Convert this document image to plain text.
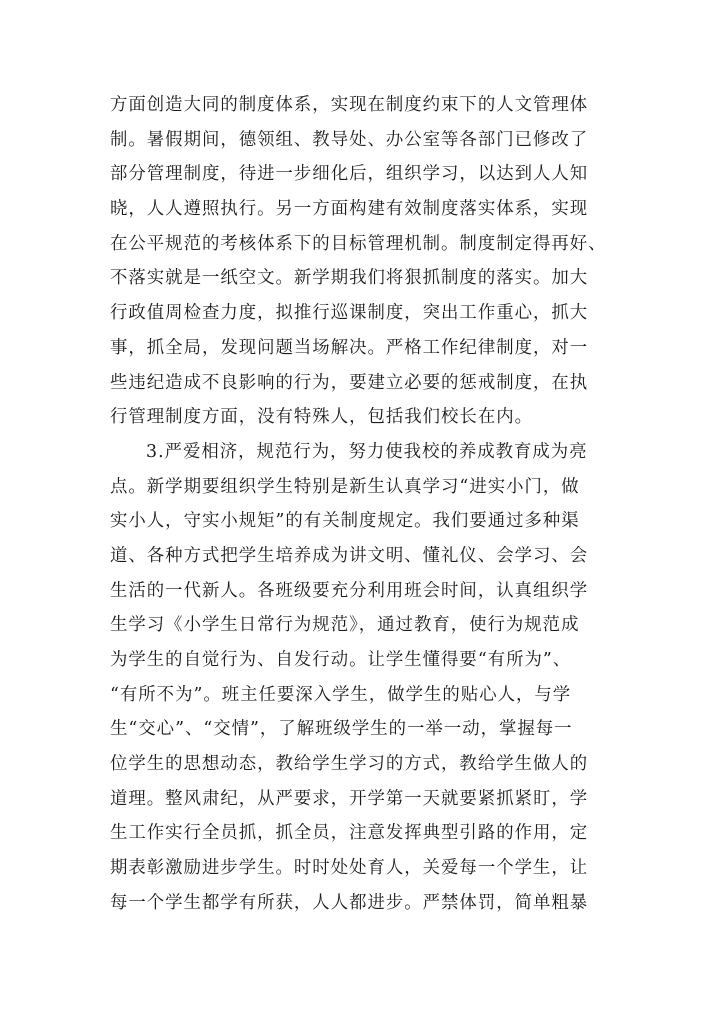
方面创造大同的制度体系，实现在制度约束下的人文管理体
制。暑假期间，德领组、教导处、办公室等各部门已修改了
部分管理制度，待进一步细化后，组织学习，以达到人人知
晓，人人遵照执行。另一方面构建有效制度落实体系，实现
在公平规范的考核体系下的目标管理机制。制度制定得再好、
不落实就是一纸空文。新学期我们将狠抓制度的落实。加大
行政值周检查力度，拟推行巡课制度，突出工作重心，抓大
事，抓全局，发现问题当场解决。严格工作纪律制度，对一
些违纪造成不良影响的行为，要建立必要的惩戒制度，在执
行管理制度方面，没有特殊人，包括我们校长在内。
3.严爱相济，规范行为，努力使我校的养成教育成为亮
点。新学期要组织学生特别是新生认真学习“进实小门，做
实小人，守实小规矩”的有关制度规定。我们要通过多种渠
道、各种方式把学生培养成为讲文明、懂礼仪、会学习、会
生活的一代新人。各班级要充分利用班会时间，认真组织学
生学习《小学生日常行为规范》，通过教育，使行为规范成
为学生的自觉行为、自发行动。让学生懂得要“有所为”、
“有所不为”。班主任要深入学生，做学生的贴心人，与学
生“交心”、“交情”，了解班级学生的一举一动，掌握每一
位学生的思想动态，教给学生学习的方式，教给学生做人的
道理。整风肃纪，从严要求，开学第一天就要紧抓紧盯，学
生工作实行全员抓，抓全员，注意发挥典型引路的作用，定
期表彰激励进步学生。时时处处育人，关爱每一个学生，让
每一个学生都学有所获，人人都进步。严禁体罚，简单粗暴
